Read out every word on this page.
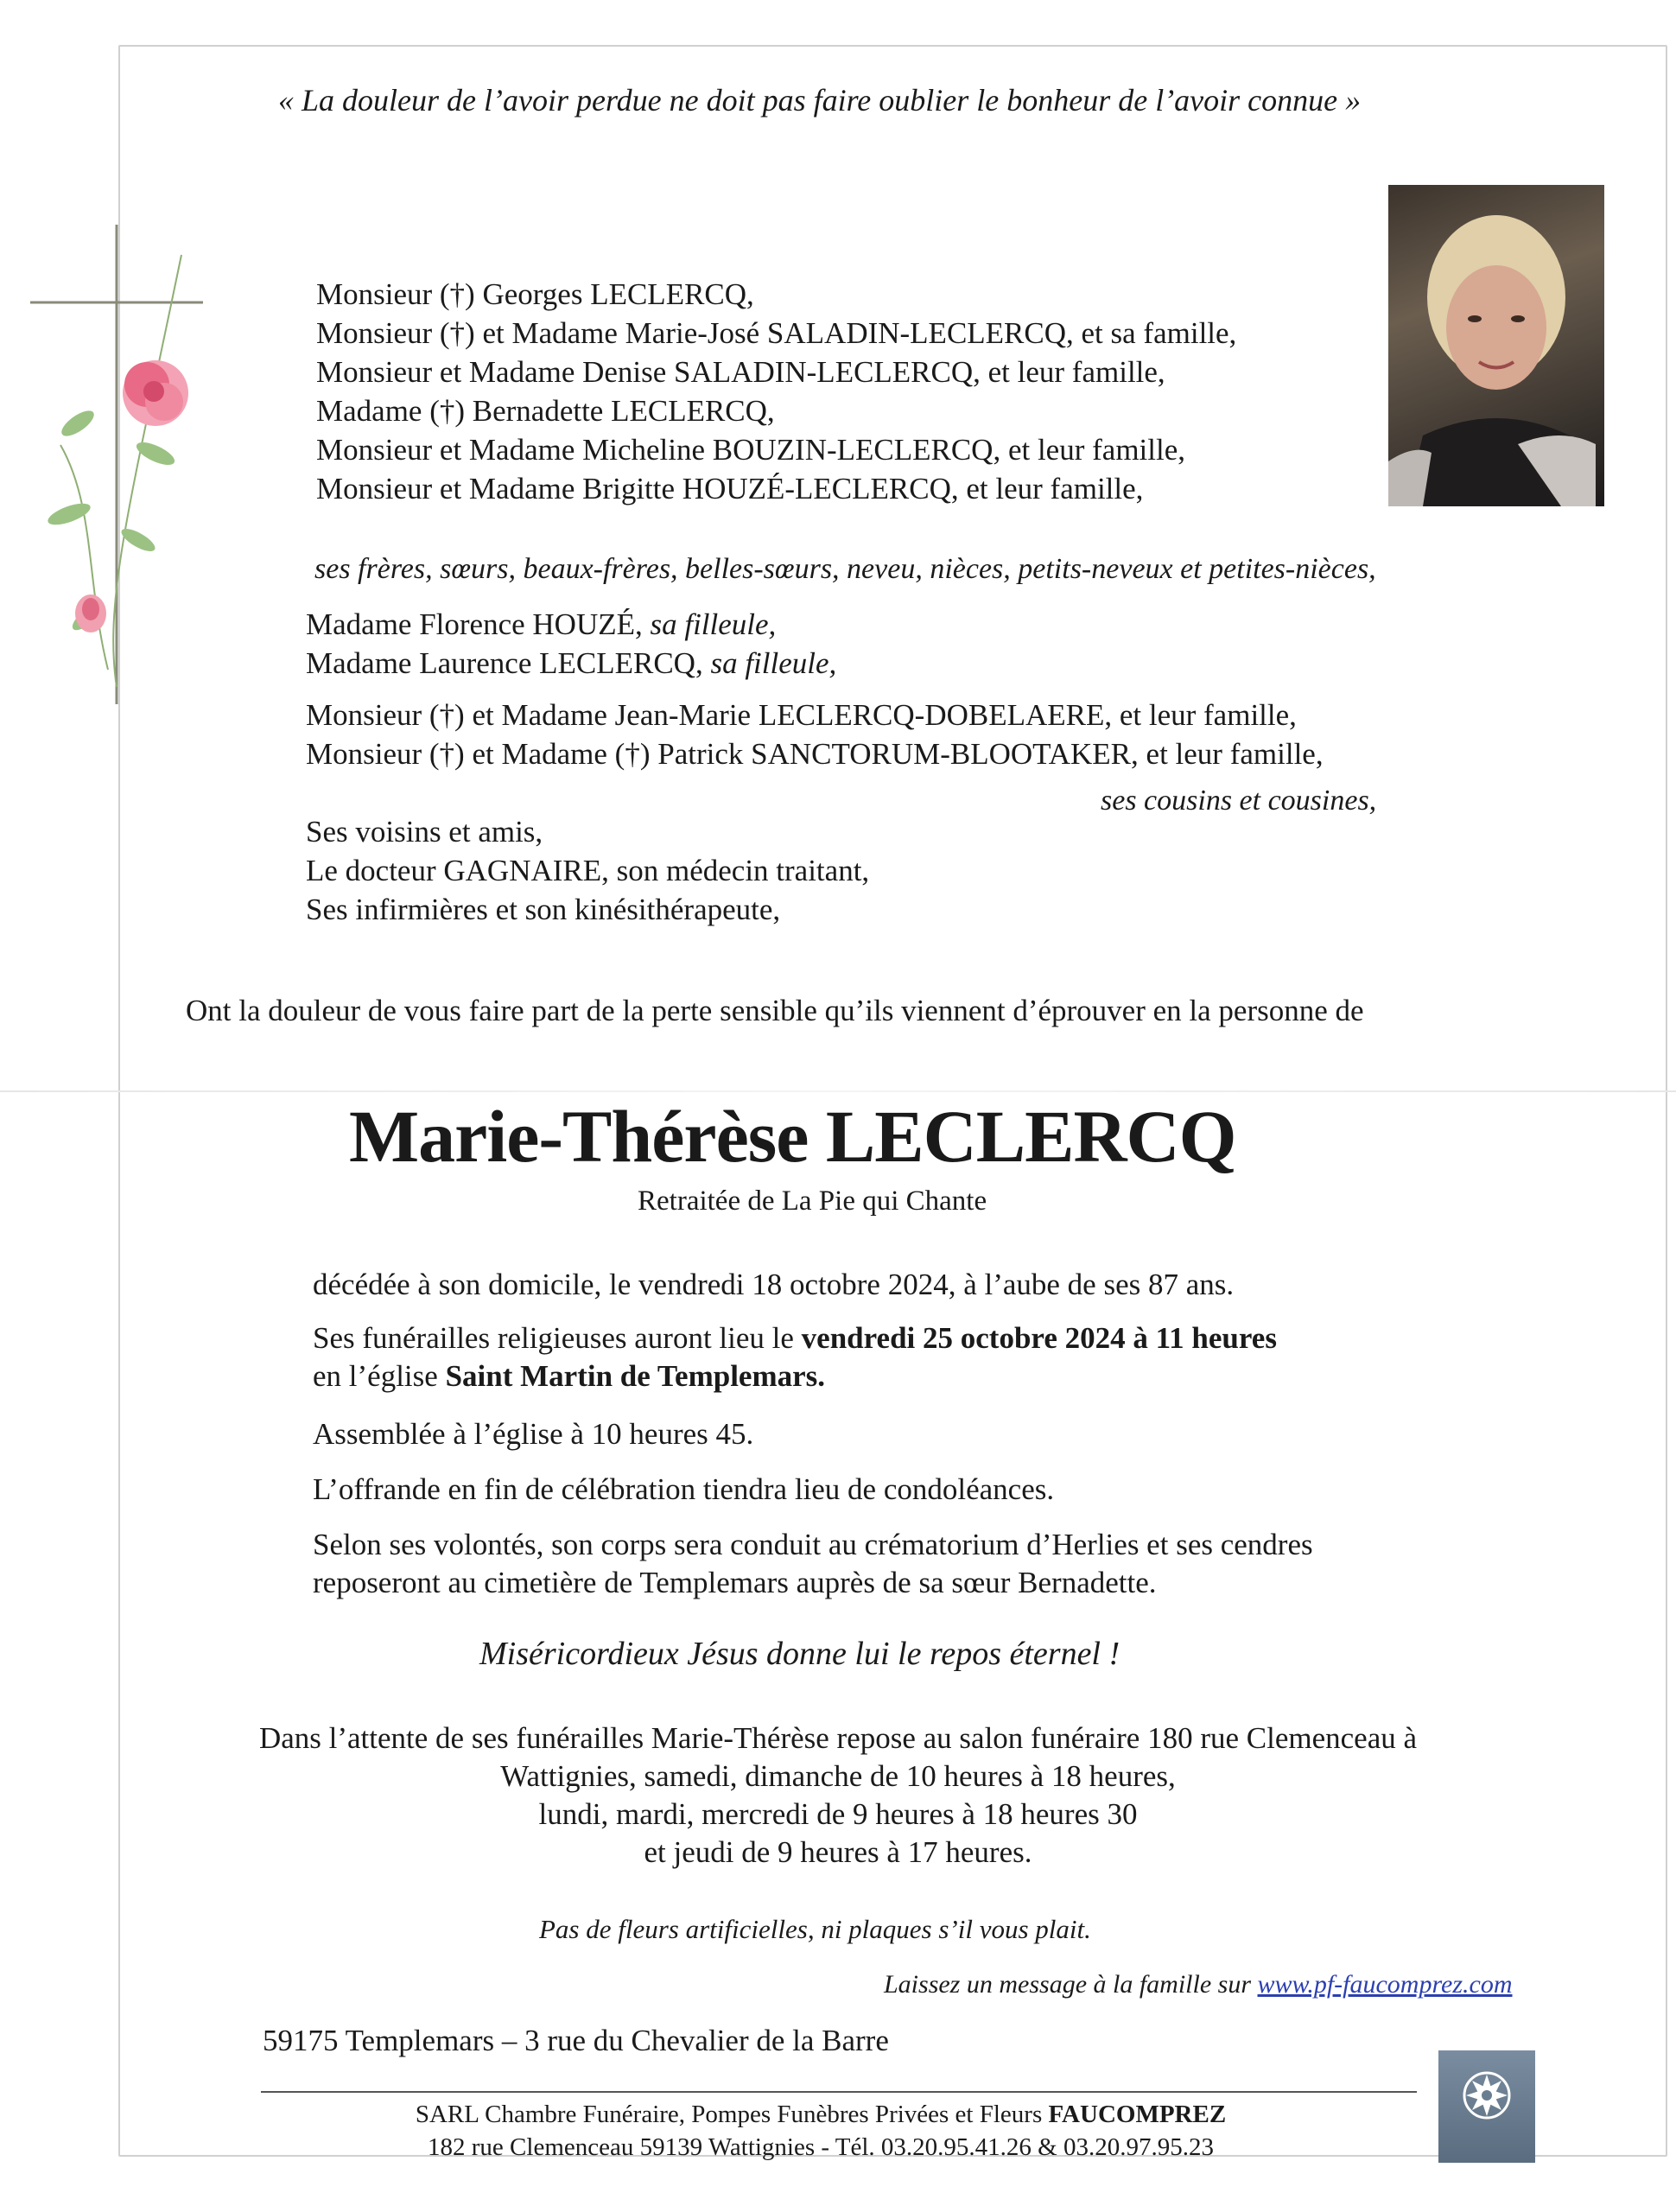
« La douleur de l’avoir perdue ne doit pas faire oublier le bonheur de l’avoir connue »
Monsieur (†) Georges LECLERCQ,
Monsieur (†) et Madame Marie-José SALADIN-LECLERCQ, et sa famille,
Monsieur et Madame Denise SALADIN-LECLERCQ, et leur famille,
Madame (†) Bernadette LECLERCQ,
Monsieur et Madame Micheline BOUZIN-LECLERCQ, et leur famille,
Monsieur et Madame Brigitte HOUZÉ-LECLERCQ, et leur famille,
ses frères, sœurs, beaux-frères, belles-sœurs, neveu, nièces, petits-neveux et petites-nièces,
Madame Florence HOUZÉ, sa filleule,
Madame Laurence LECLERCQ, sa filleule,
Monsieur (†) et Madame Jean-Marie LECLERCQ-DOBELAERE, et leur famille,
Monsieur (†) et Madame (†) Patrick SANCTORUM-BLOOTAKER, et leur famille,
ses cousins et cousines,
Ses voisins et amis,
Le docteur GAGNAIRE, son médecin traitant,
Ses infirmières et son kinésithérapeute,
Ont la douleur de vous faire part de la perte sensible qu’ils viennent d’éprouver en la personne de
Marie-Thérèse LECLERCQ
Retraitée de La Pie qui Chante
décédée à son domicile, le vendredi 18 octobre 2024, à l’aube de ses 87 ans.
Ses funérailles religieuses auront lieu le vendredi 25 octobre 2024 à 11 heures
en l’église Saint Martin de Templemars.
Assemblée à l’église à 10 heures 45.
L’offrande en fin de célébration tiendra lieu de condoléances.
Selon ses volontés, son corps sera conduit au crématorium d’Herlies et ses cendres
reposeront au cimetière de Templemars auprès de sa sœur Bernadette.
Miséricordieux Jésus donne lui le repos éternel !
Dans l’attente de ses funérailles Marie-Thérèse repose au salon funéraire 180 rue Clemenceau à
Wattignies, samedi, dimanche de 10 heures à 18 heures,
lundi, mardi, mercredi de 9 heures à 18 heures 30
et jeudi de 9 heures à 17 heures.
Pas de fleurs artificielles, ni plaques s’il vous plait.
Laissez un message à la famille sur www.pf-faucomprez.com
59175 Templemars – 3 rue du Chevalier de la Barre
SARL Chambre Funéraire, Pompes Funèbres Privées et Fleurs FAUCOMPREZ
182 rue Clemenceau 59139 Wattignies - Tél. 03.20.95.41.26 & 03.20.97.95.23
